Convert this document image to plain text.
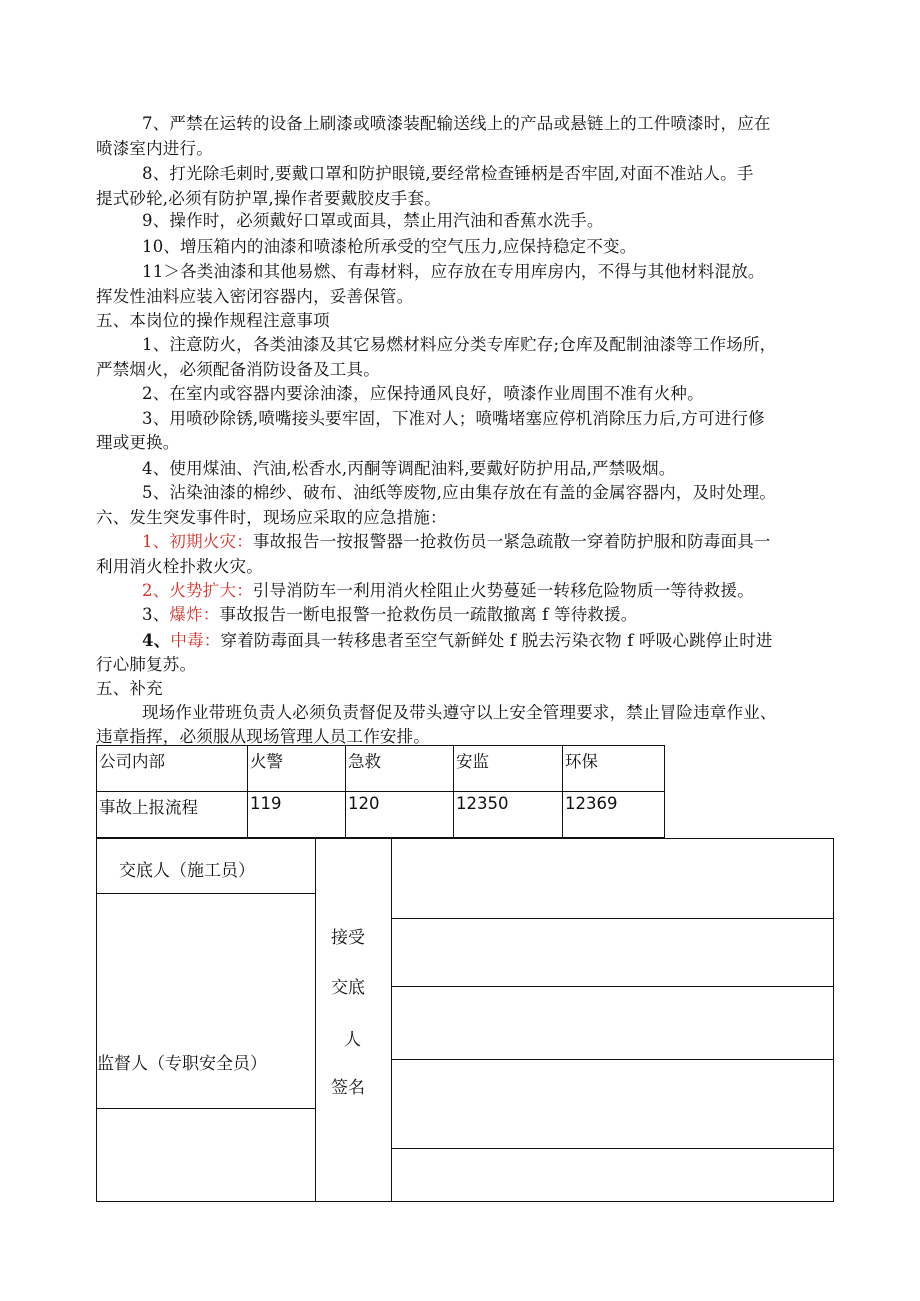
7、严禁在运转的设备上刷漆或喷漆装配输送线上的产品或悬链上的工件喷漆时，应在
喷漆室内进行。
8、打光除毛刺时,要戴口罩和防护眼镜,要经常检查锤柄是否牢固,对面不准站人。手
提式砂轮,必须有防护罩,操作者要戴胶皮手套。
9、操作时，必须戴好口罩或面具，禁止用汽油和香蕉水洗手。
10、增压箱内的油漆和喷漆枪所承受的空气压力,应保持稳定不变。
11＞各类油漆和其他易燃、有毒材料，应存放在专用库房内，不得与其他材料混放。
挥发性油料应装入密闭容器内，妥善保管。
五、本岗位的操作规程注意事项
1、注意防火，各类油漆及其它易燃材料应分类专库贮存;仓库及配制油漆等工作场所，
严禁烟火，必须配备消防设备及工具。
2、在室内或容器内要涂油漆，应保持通风良好，喷漆作业周围不准有火种。
3、用喷砂除锈,喷嘴接头要牢固，下准对人；喷嘴堵塞应停机消除压力后,方可进行修
理或更换。
4、使用煤油、汽油,松香水,丙酮等调配油料,要戴好防护用品,严禁吸烟。
5、沾染油漆的棉纱、破布、油纸等废物,应由集存放在有盖的金属容器内，及时处理。
六、发生突发事件时，现场应采取的应急措施：
1、初期火灾：事故报告一按报警器一抢救伤员一紧急疏散一穿着防护服和防毒面具一
利用消火栓扑救火灾。
2、火势扩大：引导消防车一利用消火栓阻止火势蔓延一转移危险物质一等待救援。
3、爆炸：事故报告一断电报警一抢救伤员一疏散撤离 f 等待救援。
4、中毒：穿着防毒面具一转移患者至空气新鲜处 f 脱去污染衣物 f 呼吸心跳停止时进
行心肺复苏。
五、补充
现场作业带班负责人必须负责督促及带头遵守以上安全管理要求，禁止冒险违章作业、
违章指挥，必须服从现场管理人员工作安排。
公司内部	火警	急救	安监	环保
事故上报流程	119	120	12350	12369
交底人（施工员）
监督人（专职安全员）
接受
交底
人
签名
